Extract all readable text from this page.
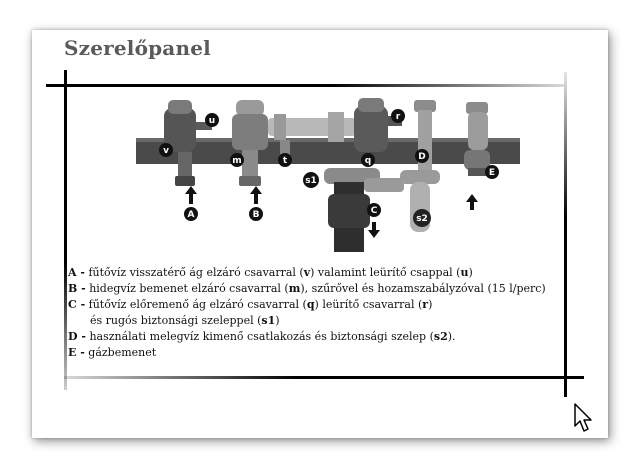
Szerelőpanel
u
v
m	t
r
q	D
E
s1
C
s2
A	B
A - fűtővíz visszatérő ág elzáró csavarral (v) valamint leürítő csappal (u)
B - hidegvíz bemenet elzáró csavarral (m), szűrővel és hozamszabályzóval (15 l/perc)
C - fűtővíz előremenő ág elzáró csavarral (q) leürítő csavarral (r)
és rugós biztonsági szeleppel (s1)
D - használati melegvíz kimenő csatlakozás és biztonsági szelep (s2).
E - gázbemenet
